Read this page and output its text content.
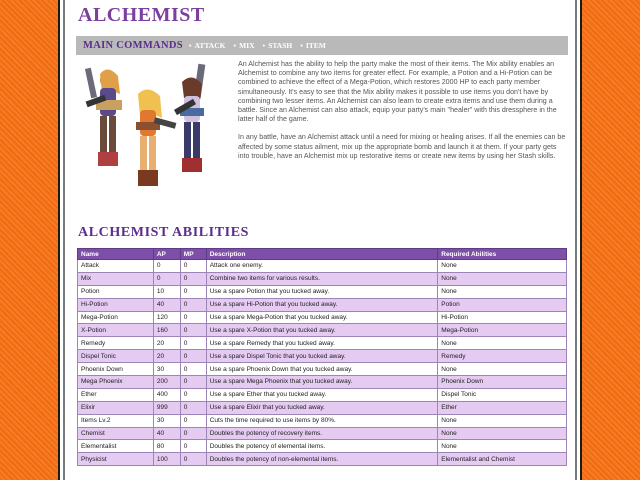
ALCHEMIST
MAIN COMMANDS • ATTACK • MIX • STASH • ITEM

An Alchemist has the ability to help the party make the most of their items. The Mix ability enables an Alchemist to combine any two items for greater effect. For example, a Potion and a Hi-Potion can be combined to achieve the effect of a Mega-Potion, which restores 2000 HP to each party member simultaneously. It's easy to see that the Mix ability makes it possible to use items you don't have by combining two lesser items. An Alchemist can also learn to create extra items and use them during a battle. Since an Alchemist can also attack, equip your party's main "healer" with this dressphere in the latter half of the game.

In any battle, have an Alchemist attack until a need for mixing or healing arises. If all the enemies can be affected by some status ailment, mix up the appropriate bomb and launch it at them. If your party gets into trouble, have an Alchemist mix up restorative items or create new items by using her Stash skills.

ALCHEMIST ABILITIES
Name	AP	MP	Description	Required Abilities
Attack	0	0	Attack one enemy.	None
Mix	0	0	Combine two items for various results.	None
Potion	10	0	Use a spare Potion that you tucked away.	None
Hi-Potion	40	0	Use a spare Hi-Potion that you tucked away.	Potion
Mega-Potion	120	0	Use a spare Mega-Potion that you tucked away.	Hi-Potion
X-Potion	160	0	Use a spare X-Potion that you tucked away.	Mega-Potion
Remedy	20	0	Use a spare Remedy that you tucked away.	None
Dispel Tonic	20	0	Use a spare Dispel Tonic that you tucked away.	Remedy
Phoenix Down	30	0	Use a spare Phoenix Down that you tucked away.	None
Mega Phoenix	200	0	Use a spare Mega Phoenix that you tucked away.	Phoenix Down
Ether	400	0	Use a spare Ether that you tucked away.	Dispel Tonic
Elixir	999	0	Use a spare Elixir that you tucked away.	Ether
Items Lv.2	30	0	Cuts the time required to use items by 80%.	None
Chemist	40	0	Doubles the potency of recovery items.	None
Elementalist	80	0	Doubles the potency of elemental items.	None
Physicist	100	0	Doubles the potency of non-elemental items.	Elementalist and Chemist
